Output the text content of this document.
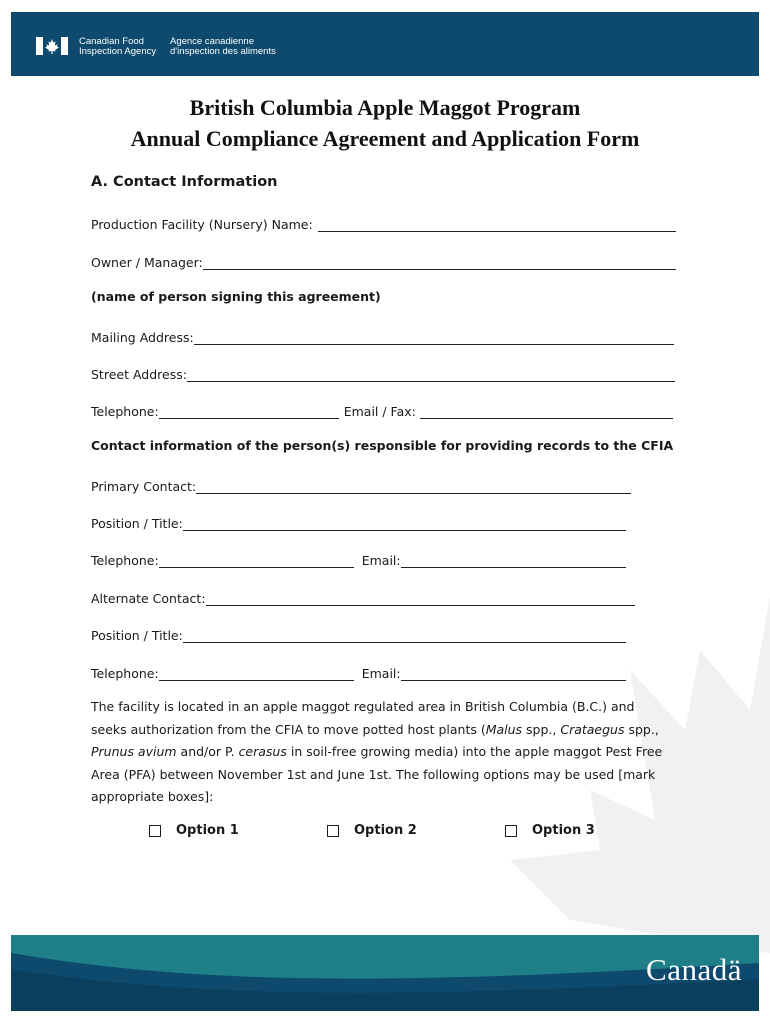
Canadian Food
Inspection Agency
Agence canadienne
d'inspection des aliments
British Columbia Apple Maggot Program
Annual Compliance Agreement and Application Form
A. Contact Information
Production Facility (Nursery) Name:
Owner / Manager:
(name of person signing this agreement)
Mailing Address:
Street Address:
Telephone:	Email / Fax:
Contact information of the person(s) responsible for providing records to the CFIA
Primary Contact:
Position / Title:
Telephone:	Email:
Alternate Contact:
Position / Title:
Telephone:	Email:
The facility is located in an apple maggot regulated area in British Columbia (B.C.) and seeks authorization from the CFIA to move potted host plants (Malus spp., Crataegus spp., Prunus avium and/or P. cerasus in soil-free growing media) into the apple maggot Pest Free Area (PFA) between November 1st and June 1st. The following options may be used [mark appropriate boxes]:
Option 1	Option 2	Option 3
Canadä
